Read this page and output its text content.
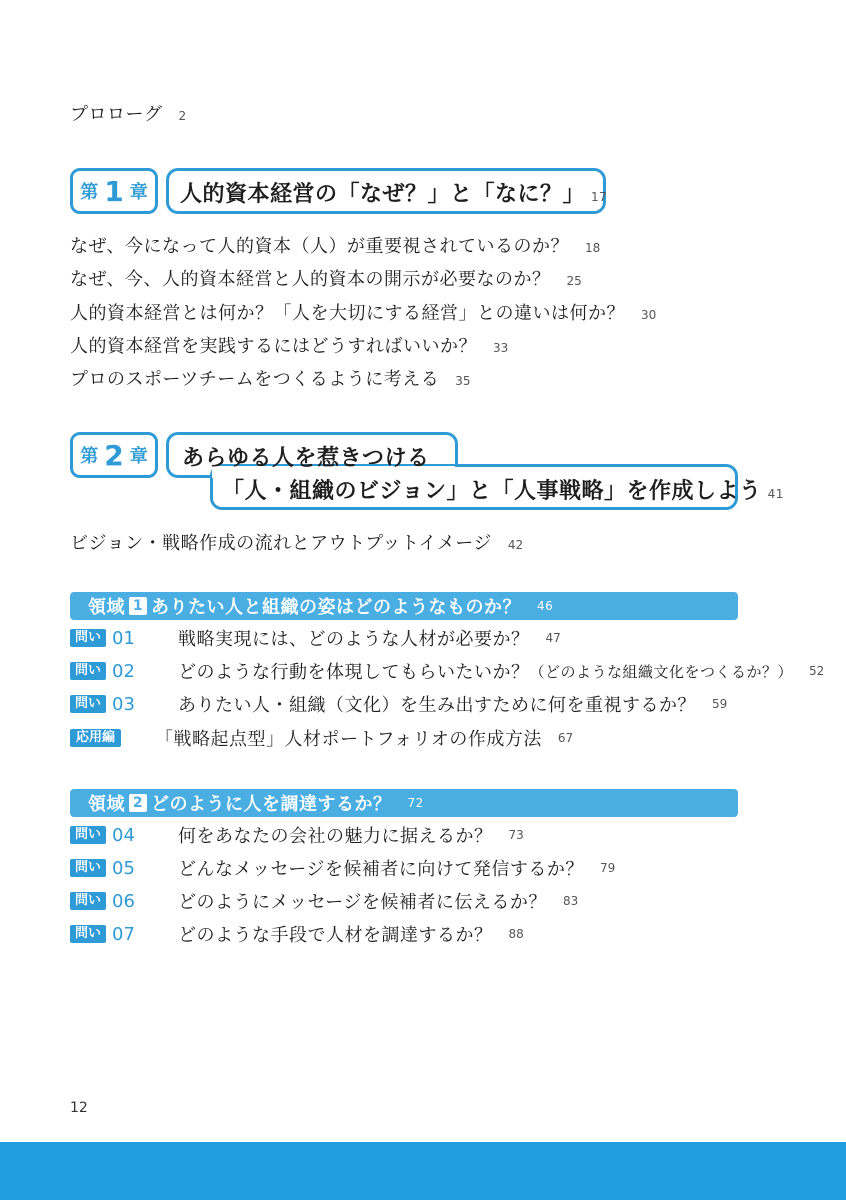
プロローグ 2
第 1 章 人的資本経営の「なぜ？」と「なに？」 17
なぜ、今になって人的資本（人）が重要視されているのか？ 18
なぜ、今、人的資本経営と人的資本の開示が必要なのか？ 25
人的資本経営とは何か？「人を大切にする経営」との違いは何か？ 30
人的資本経営を実践するにはどうすればいいか？ 33
プロのスポーツチームをつくるように考える 35
第 2 章 あらゆる人を惹きつける
「人・組織のビジョン」と「人事戦略」を作成しよう 41
ビジョン・戦略作成の流れとアウトプットイメージ 42
領域 1 ありたい人と組織の姿はどのようなものか？ 46
問い 01	戦略実現には、どのような人材が必要か？ 47
問い 02	どのような行動を体現してもらいたいか？ （どのような組織文化をつくるか？） 52
問い 03	ありたい人・組織（文化）を生み出すために何を重視するか？ 59
応用編	「戦略起点型」人材ポートフォリオの作成方法 67
領域 2 どのように人を調達するか？ 72
問い 04	何をあなたの会社の魅力に据えるか？ 73
問い 05	どんなメッセージを候補者に向けて発信するか？ 79
問い 06	どのようにメッセージを候補者に伝えるか？ 83
問い 07	どのような手段で人材を調達するか？ 88
12
